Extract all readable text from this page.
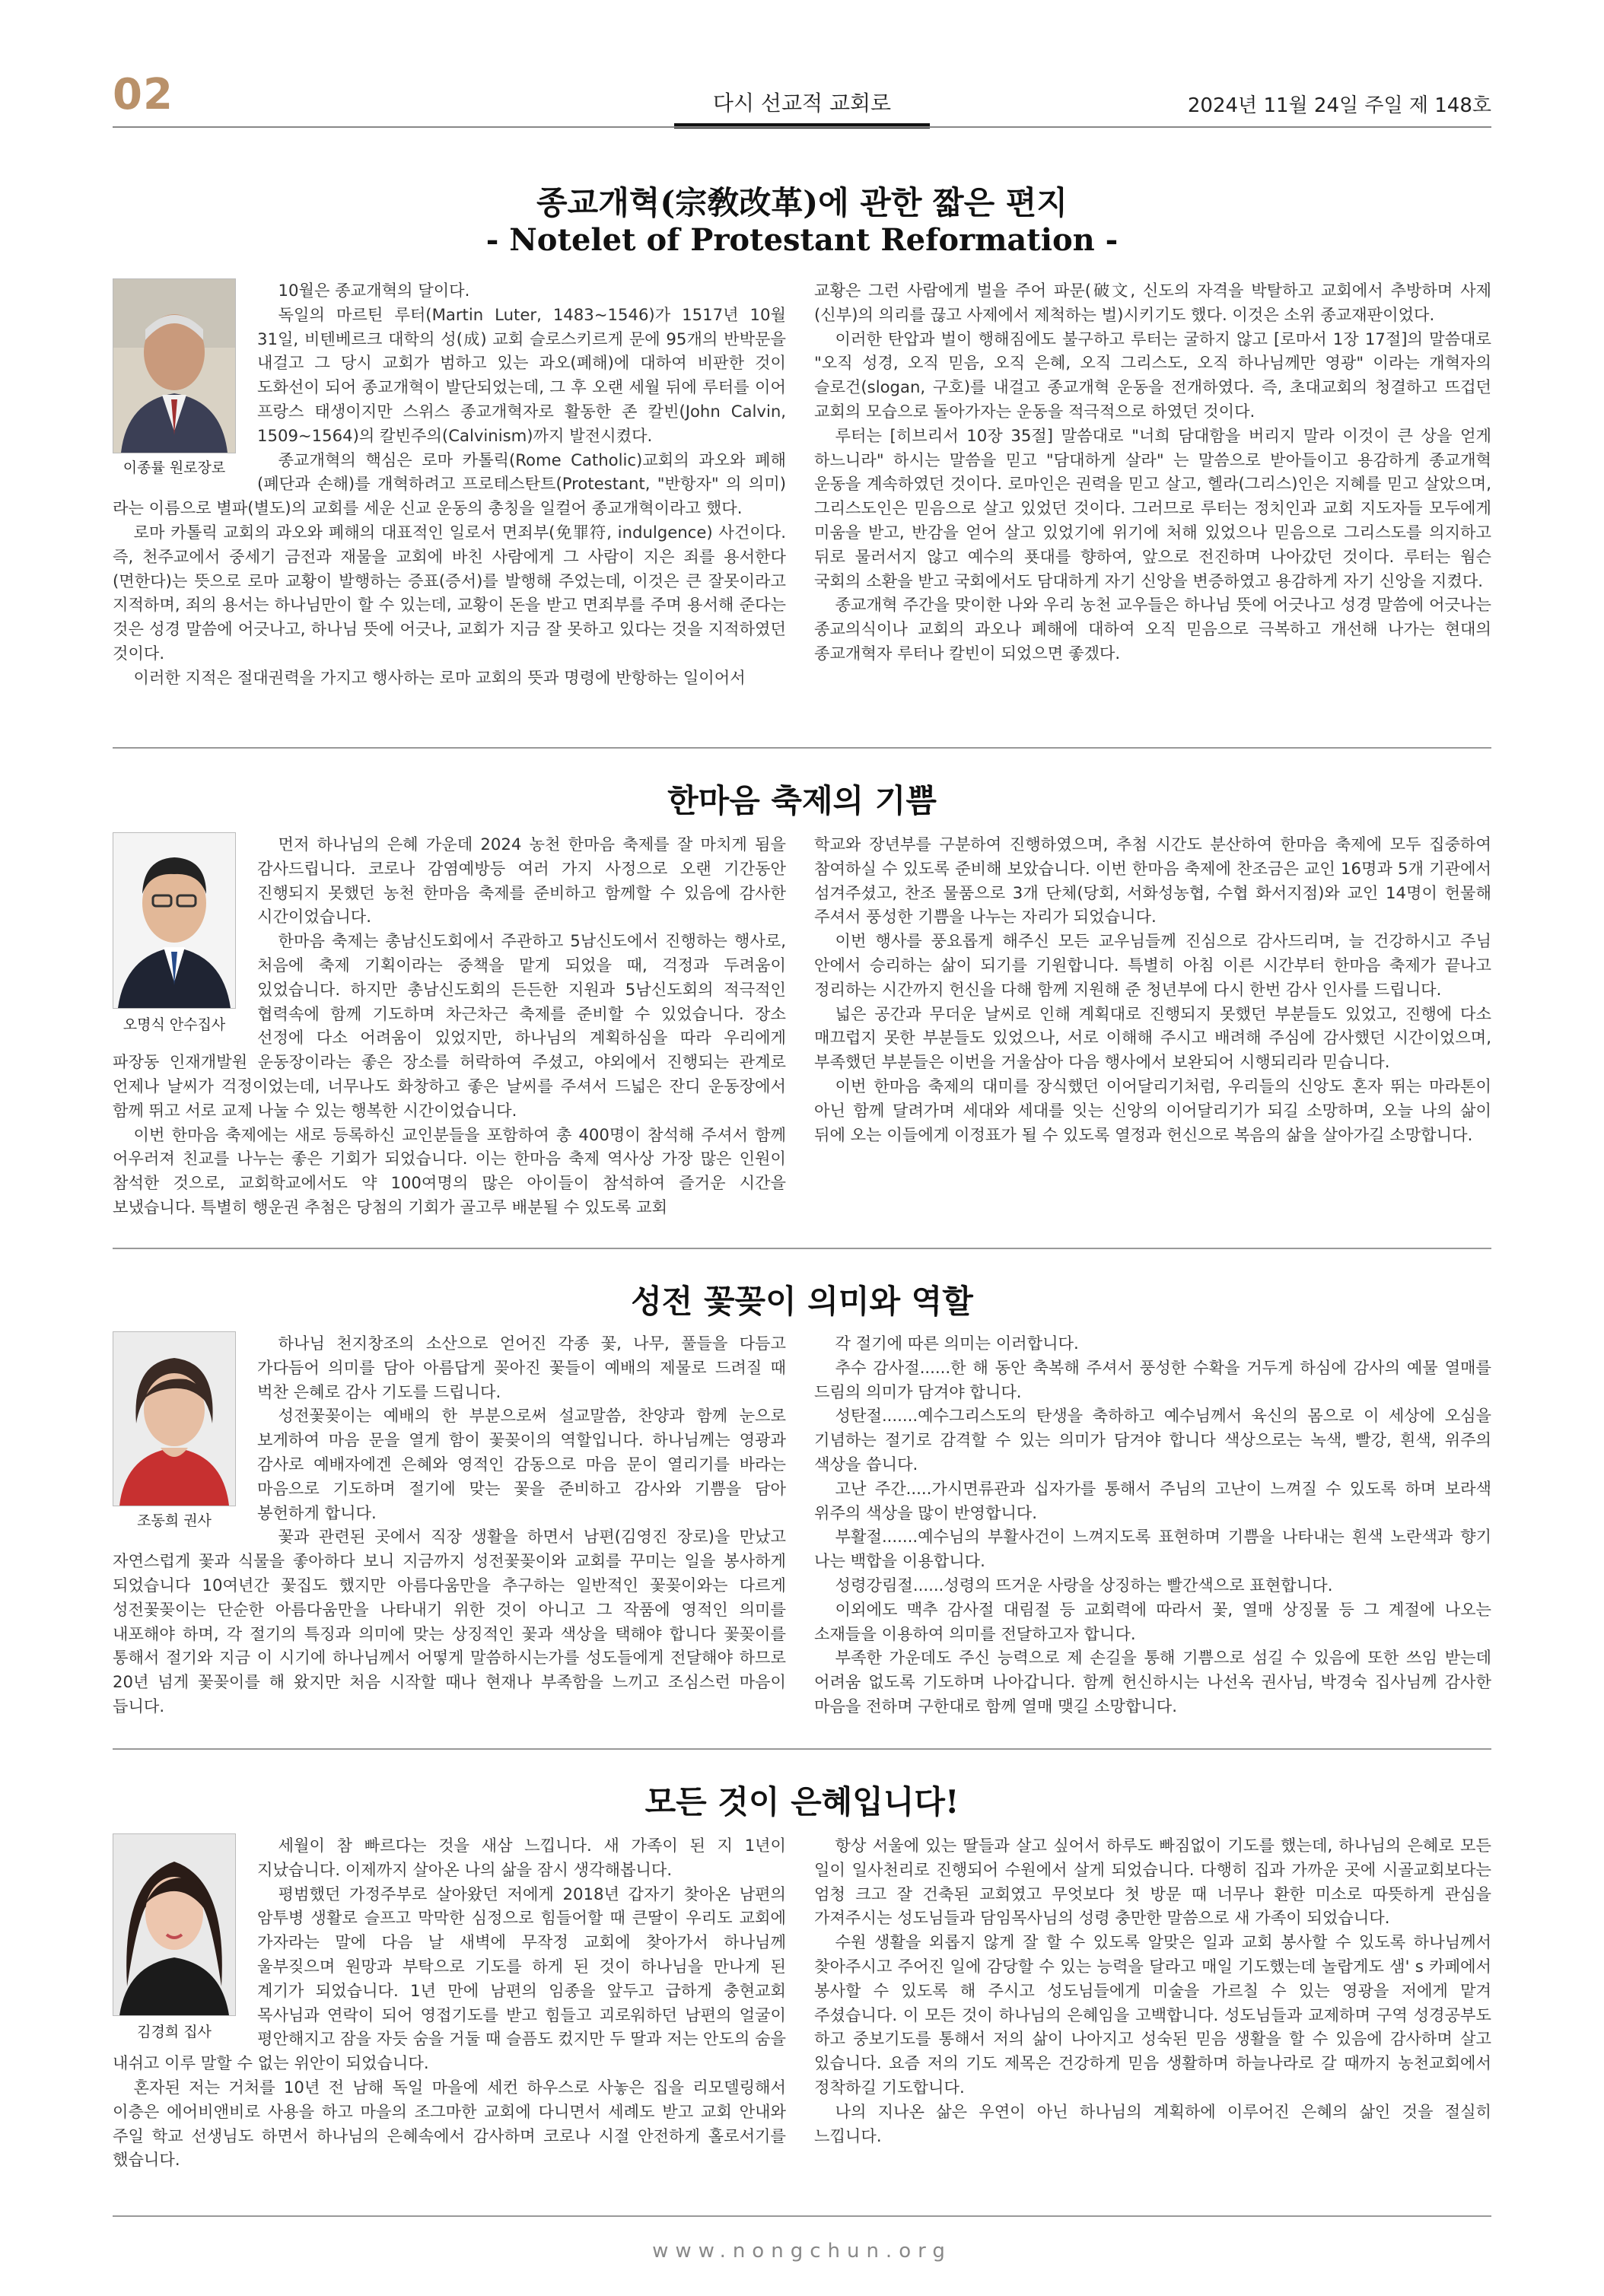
02	다시 선교적 교회로	2024년 11월 24일 주일 제 148호
종교개혁(宗敎改革)에 관한 짧은 편지
- Notelet of Protestant Reformation -
이종률 원로장로

10월은 종교개혁의 달이다.

독일의 마르틴 루터(Martin Luter, 1483~1546)가 1517년 10월 31일, 비텐베르크 대학의 성(成) 교회 슬로스키르게 문에 95개의 반박문을 내걸고 그 당시 교회가 범하고 있는 과오(폐해)에 대하여 비판한 것이 도화선이 되어 종교개혁이 발단되었는데, 그 후 오랜 세월 뒤에 루터를 이어 프랑스 태생이지만 스위스 종교개혁자로 활동한 존 칼빈(John Calvin, 1509~1564)의 칼빈주의(Calvinism)까지 발전시켰다.

종교개혁의 핵심은 로마 카톨릭(Rome Catholic)교회의 과오와 폐해(폐단과 손해)를 개혁하려고 프로테스탄트(Protestant, "반항자" 의 의미)라는 이름으로 별파(별도)의 교회를 세운 신교 운동의 총칭을 일컬어 종교개혁이라고 했다.

로마 카톨릭 교회의 과오와 폐해의 대표적인 일로서 면죄부(免罪符, indulgence) 사건이다. 즉, 천주교에서 중세기 금전과 재물을 교회에 바친 사람에게 그 사람이 지은 죄를 용서한다(면한다)는 뜻으로 로마 교황이 발행하는 증표(증서)를 발행해 주었는데, 이것은 큰 잘못이라고 지적하며, 죄의 용서는 하나님만이 할 수 있는데, 교황이 돈을 받고 면죄부를 주며 용서해 준다는 것은 성경 말씀에 어긋나고, 하나님 뜻에 어긋나, 교회가 지금 잘 못하고 있다는 것을 지적하였던 것이다.

이러한 지적은 절대권력을 가지고 행사하는 로마 교회의 뜻과 명령에 반항하는 일이어서

교황은 그런 사람에게 벌을 주어 파문(破文, 신도의 자격을 박탈하고 교회에서 추방하며 사제(신부)의 의리를 끊고 사제에서 제척하는 벌)시키기도 했다. 이것은 소위 종교재판이었다.

이러한 탄압과 벌이 행해짐에도 불구하고 루터는 굴하지 않고 [로마서 1장 17절]의 말씀대로 "오직 성경, 오직 믿음, 오직 은혜, 오직 그리스도, 오직 하나님께만 영광" 이라는 개혁자의 슬로건(slogan, 구호)를 내걸고 종교개혁 운동을 전개하였다. 즉, 초대교회의 청결하고 뜨겁던 교회의 모습으로 돌아가자는 운동을 적극적으로 하였던 것이다.

루터는 [히브리서 10장 35절] 말씀대로 "너희 담대함을 버리지 말라 이것이 큰 상을 얻게 하느니라" 하시는 말씀을 믿고 "담대하게 살라" 는 말씀으로 받아들이고 용감하게 종교개혁 운동을 계속하였던 것이다. 로마인은 권력을 믿고 살고, 헬라(그리스)인은 지혜를 믿고 살았으며, 그리스도인은 믿음으로 살고 있었던 것이다. 그러므로 루터는 정치인과 교회 지도자들 모두에게 미움을 받고, 반감을 얻어 살고 있었기에 위기에 처해 있었으나 믿음으로 그리스도를 의지하고 뒤로 물러서지 않고 예수의 푯대를 향하여, 앞으로 전진하며 나아갔던 것이다. 루터는 웜슨 국회의 소환을 받고 국회에서도 담대하게 자기 신앙을 변증하였고 용감하게 자기 신앙을 지켰다.

종교개혁 주간을 맞이한 나와 우리 농천 교우들은 하나님 뜻에 어긋나고 성경 말씀에 어긋나는 종교의식이나 교회의 과오나 폐해에 대하여 오직 믿음으로 극복하고 개선해 나가는 현대의 종교개혁자 루터나 칼빈이 되었으면 좋겠다.

한마음 축제의 기쁨
오명식 안수집사

먼저 하나님의 은혜 가운데 2024 농천 한마음 축제를 잘 마치게 됨을 감사드립니다. 코로나 감염예방등 여러 가지 사정으로 오랜 기간동안 진행되지 못했던 농천 한마음 축제를 준비하고 함께할 수 있음에 감사한 시간이었습니다.

한마음 축제는 총남신도회에서 주관하고 5남신도에서 진행하는 행사로, 처음에 축제 기획이라는 중책을 맡게 되었을 때, 걱정과 두려움이 있었습니다. 하지만 총남신도회의 든든한 지원과 5남신도회의 적극적인 협력속에 함께 기도하며 차근차근 축제를 준비할 수 있었습니다. 장소 선정에 다소 어려움이 있었지만, 하나님의 계획하심을 따라 우리에게 파장동 인재개발원 운동장이라는 좋은 장소를 허락하여 주셨고, 야외에서 진행되는 관계로 언제나 날씨가 걱정이었는데, 너무나도 화창하고 좋은 날씨를 주셔서 드넓은 잔디 운동장에서 함께 뛰고 서로 교제 나눌 수 있는 행복한 시간이었습니다.

이번 한마음 축제에는 새로 등록하신 교인분들을 포함하여 총 400명이 참석해 주셔서 함께 어우러져 친교를 나누는 좋은 기회가 되었습니다. 이는 한마음 축제 역사상 가장 많은 인원이 참석한 것으로, 교회학교에서도 약 100여명의 많은 아이들이 참석하여 즐거운 시간을 보냈습니다. 특별히 행운권 추첨은 당첨의 기회가 골고루 배분될 수 있도록 교회

학교와 장년부를 구분하여 진행하였으며, 추첨 시간도 분산하여 한마음 축제에 모두 집중하여 참여하실 수 있도록 준비해 보았습니다. 이번 한마음 축제에 찬조금은 교인 16명과 5개 기관에서 섬겨주셨고, 찬조 물품으로 3개 단체(당회, 서화성농협, 수협 화서지점)와 교인 14명이 헌물해 주셔서 풍성한 기쁨을 나누는 자리가 되었습니다.

이번 행사를 풍요롭게 해주신 모든 교우님들께 진심으로 감사드리며, 늘 건강하시고 주님 안에서 승리하는 삶이 되기를 기원합니다. 특별히 아침 이른 시간부터 한마음 축제가 끝나고 정리하는 시간까지 헌신을 다해 함께 지원해 준 청년부에 다시 한번 감사 인사를 드립니다.

넓은 공간과 무더운 날씨로 인해 계획대로 진행되지 못했던 부분들도 있었고, 진행에 다소 매끄럽지 못한 부분들도 있었으나, 서로 이해해 주시고 배려해 주심에 감사했던 시간이었으며, 부족했던 부분들은 이번을 거울삼아 다음 행사에서 보완되어 시행되리라 믿습니다.

이번 한마음 축제의 대미를 장식했던 이어달리기처럼, 우리들의 신앙도 혼자 뛰는 마라톤이 아닌 함께 달려가며 세대와 세대를 잇는 신앙의 이어달리기가 되길 소망하며, 오늘 나의 삶이 뒤에 오는 이들에게 이정표가 될 수 있도록 열정과 헌신으로 복음의 삶을 살아가길 소망합니다.

성전 꽃꽂이 의미와 역할
조동희 권사

하나님 천지창조의 소산으로 얻어진 각종 꽃, 나무, 풀들을 다듬고 가다듬어 의미를 담아 아름답게 꽂아진 꽃들이 예배의 제물로 드려질 때 벅찬 은혜로 감사 기도를 드립니다.

성전꽃꽂이는 예배의 한 부분으로써 설교말씀, 찬양과 함께 눈으로 보게하여 마음 문을 열게 함이 꽃꽂이의 역할입니다. 하나님께는 영광과 감사로 예배자에겐 은혜와 영적인 감동으로 마음 문이 열리기를 바라는 마음으로 기도하며 절기에 맞는 꽃을 준비하고 감사와 기쁨을 담아 봉헌하게 합니다.

꽃과 관련된 곳에서 직장 생활을 하면서 남편(김영진 장로)을 만났고 자연스럽게 꽃과 식물을 좋아하다 보니 지금까지 성전꽃꽂이와 교회를 꾸미는 일을 봉사하게 되었습니다 10여년간 꽃집도 했지만 아름다움만을 추구하는 일반적인 꽃꽂이와는 다르게 성전꽃꽂이는 단순한 아름다움만을 나타내기 위한 것이 아니고 그 작품에 영적인 의미를 내포해야 하며, 각 절기의 특징과 의미에 맞는 상징적인 꽃과 색상을 택해야 합니다 꽃꽂이를 통해서 절기와 지금 이 시기에 하나님께서 어떻게 말씀하시는가를 성도들에게 전달해야 하므로 20년 넘게 꽃꽂이를 해 왔지만 처음 시작할 때나 현재나 부족함을 느끼고 조심스런 마음이 듭니다.

각 절기에 따른 의미는 이러합니다.

추수 감사절......한 해 동안 축복해 주셔서 풍성한 수확을 거두게 하심에 감사의 예물 열매를 드림의 의미가 담겨야 합니다.

성탄절.......예수그리스도의 탄생을 축하하고 예수님께서 육신의 몸으로 이 세상에 오심을 기념하는 절기로 감격할 수 있는 의미가 담겨야 합니다 색상으로는 녹색, 빨강, 흰색, 위주의 색상을 씁니다.

고난 주간.....가시면류관과 십자가를 통해서 주님의 고난이 느껴질 수 있도록 하며 보라색 위주의 색상을 많이 반영합니다.

부활절.......예수님의 부활사건이 느껴지도록 표현하며 기쁨을 나타내는 흰색 노란색과 향기 나는 백합을 이용합니다.

성령강림절......성령의 뜨거운 사랑을 상징하는 빨간색으로 표현합니다.

이외에도 맥추 감사절 대림절 등 교회력에 따라서 꽃, 열매 상징물 등 그 계절에 나오는 소재들을 이용하여 의미를 전달하고자 합니다.

부족한 가운데도 주신 능력으로 제 손길을 통해 기쁨으로 섬길 수 있음에 또한 쓰임 받는데 어려움 없도록 기도하며 나아갑니다. 함께 헌신하시는 나선옥 권사님, 박경숙 집사님께 감사한 마음을 전하며 구한대로 함께 열매 맺길 소망합니다.

모든 것이 은혜입니다!
김경희 집사

세월이 참 빠르다는 것을 새삼 느낍니다. 새 가족이 된 지 1년이 지났습니다. 이제까지 살아온 나의 삶을 잠시 생각해봅니다.

평범했던 가정주부로 살아왔던 저에게 2018년 갑자기 찾아온 남편의 암투병 생활로 슬프고 막막한 심정으로 힘들어할 때 큰딸이 우리도 교회에 가자라는 말에 다음 날 새벽에 무작정 교회에 찾아가서 하나님께 울부짖으며 원망과 부탁으로 기도를 하게 된 것이 하나님을 만나게 된 계기가 되었습니다. 1년 만에 남편의 임종을 앞두고 급하게 충현교회 목사님과 연락이 되어 영접기도를 받고 힘들고 괴로워하던 남편의 얼굴이 평안해지고 잠을 자듯 숨을 거둘 때 슬픔도 컸지만 두 딸과 저는 안도의 숨을 내쉬고 이루 말할 수 없는 위안이 되었습니다.

혼자된 저는 거처를 10년 전 남해 독일 마을에 세컨 하우스로 사놓은 집을 리모델링해서 이층은 에어비앤비로 사용을 하고 마을의 조그마한 교회에 다니면서 세례도 받고 교회 안내와 주일 학교 선생님도 하면서 하나님의 은혜속에서 감사하며 코로나 시절 안전하게 홀로서기를 했습니다.

항상 서울에 있는 딸들과 살고 싶어서 하루도 빠짐없이 기도를 했는데, 하나님의 은혜로 모든 일이 일사천리로 진행되어 수원에서 살게 되었습니다. 다행히 집과 가까운 곳에 시골교회보다는 엄청 크고 잘 건축된 교회였고 무엇보다 첫 방문 때 너무나 환한 미소로 따뜻하게 관심을 가져주시는 성도님들과 담임목사님의 성령 충만한 말씀으로 새 가족이 되었습니다.

수원 생활을 외롭지 않게 잘 할 수 있도록 알맞은 일과 교회 봉사할 수 있도록 하나님께서 찾아주시고 주어진 일에 감당할 수 있는 능력을 달라고 매일 기도했는데 놀랍게도 샘' s 카페에서 봉사할 수 있도록 해 주시고 성도님들에게 미술을 가르칠 수 있는 영광을 저에게 맡겨 주셨습니다. 이 모든 것이 하나님의 은혜임을 고백합니다. 성도님들과 교제하며 구역 성경공부도 하고 중보기도를 통해서 저의 삶이 나아지고 성숙된 믿음 생활을 할 수 있음에 감사하며 살고 있습니다. 요즘 저의 기도 제목은 건강하게 믿음 생활하며 하늘나라로 갈 때까지 농천교회에서 정착하길 기도합니다.

나의 지나온 삶은 우연이 아닌 하나님의 계획하에 이루어진 은혜의 삶인 것을 절실히 느낍니다.

www.nongchun.org
